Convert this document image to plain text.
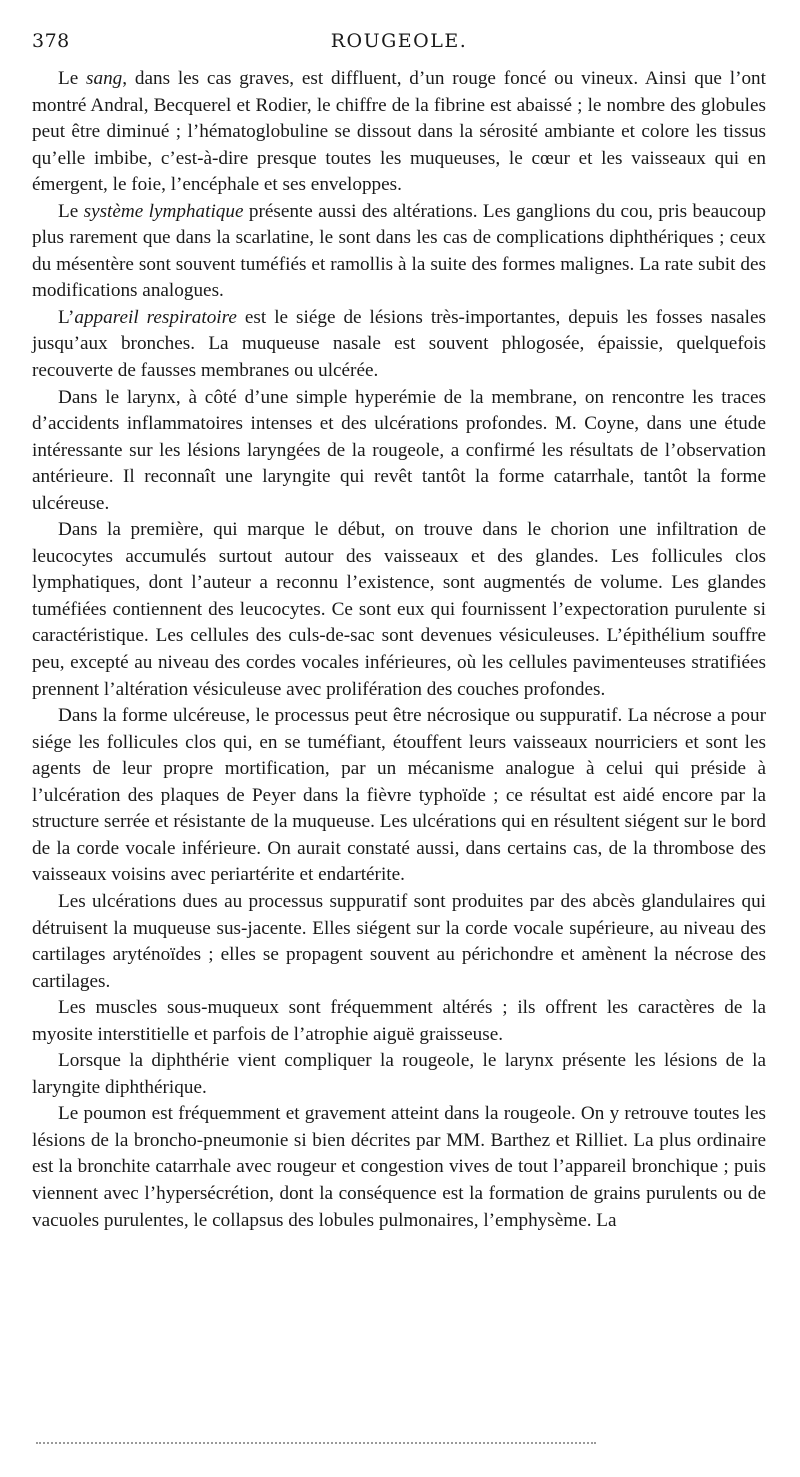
378	ROUGEOLE.

Le sang, dans les cas graves, est diffluent, d’un rouge foncé ou vineux. Ainsi que l’ont montré Andral, Becquerel et Rodier, le chiffre de la fibrine est abaissé ; le nombre des globules peut être diminué ; l’hématoglobuline se dissout dans la sérosité ambiante et colore les tissus qu’elle imbibe, c’est-à-dire presque toutes les muqueuses, le cœur et les vaisseaux qui en émergent, le foie, l’encéphale et ses enveloppes.

Le système lymphatique présente aussi des altérations. Les ganglions du cou, pris beaucoup plus rarement que dans la scarlatine, le sont dans les cas de complications diphthériques ; ceux du mésentère sont souvent tuméfiés et ramollis à la suite des formes malignes. La rate subit des modifications analogues.

L’appareil respiratoire est le siége de lésions très-importantes, depuis les fosses nasales jusqu’aux bronches. La muqueuse nasale est souvent phlogosée, épaissie, quelquefois recouverte de fausses membranes ou ulcérée.

Dans le larynx, à côté d’une simple hyperémie de la membrane, on rencontre les traces d’accidents inflammatoires intenses et des ulcérations profondes. M. Coyne, dans une étude intéressante sur les lésions laryngées de la rougeole, a confirmé les résultats de l’observation antérieure. Il reconnaît une laryngite qui revêt tantôt la forme catarrhale, tantôt la forme ulcéreuse.

Dans la première, qui marque le début, on trouve dans le chorion une infiltration de leucocytes accumulés surtout autour des vaisseaux et des glandes. Les follicules clos lymphatiques, dont l’auteur a reconnu l’existence, sont augmentés de volume. Les glandes tuméfiées contiennent des leucocytes. Ce sont eux qui fournissent l’expectoration purulente si caractéristique. Les cellules des culs-de-sac sont devenues vésiculeuses. L’épithélium souffre peu, excepté au niveau des cordes vocales inférieures, où les cellules pavimenteuses stratifiées prennent l’altération vésiculeuse avec prolifération des couches profondes.

Dans la forme ulcéreuse, le processus peut être nécrosique ou suppuratif. La nécrose a pour siége les follicules clos qui, en se tuméfiant, étouffent leurs vaisseaux nourriciers et sont les agents de leur propre mortification, par un mécanisme analogue à celui qui préside à l’ulcération des plaques de Peyer dans la fièvre typhoïde ; ce résultat est aidé encore par la structure serrée et résistante de la muqueuse. Les ulcérations qui en résultent siégent sur le bord de la corde vocale inférieure. On aurait constaté aussi, dans certains cas, de la thrombose des vaisseaux voisins avec periartérite et endartérite.

Les ulcérations dues au processus suppuratif sont produites par des abcès glandulaires qui détruisent la muqueuse sus-jacente. Elles siégent sur la corde vocale supérieure, au niveau des cartilages aryténoïdes ; elles se propagent souvent au périchondre et amènent la nécrose des cartilages.

Les muscles sous-muqueux sont fréquemment altérés ; ils offrent les caractères de la myosite interstitielle et parfois de l’atrophie aiguë graisseuse.

Lorsque la diphthérie vient compliquer la rougeole, le larynx présente les lésions de la laryngite diphthérique.

Le poumon est fréquemment et gravement atteint dans la rougeole. On y retrouve toutes les lésions de la broncho-pneumonie si bien décrites par MM. Barthez et Rilliet. La plus ordinaire est la bronchite catarrhale avec rougeur et congestion vives de tout l’appareil bronchique ; puis viennent avec l’hypersécrétion, dont la conséquence est la formation de grains purulents ou de vacuoles purulentes, le collapsus des lobules pulmonaires, l’emphysème. La
